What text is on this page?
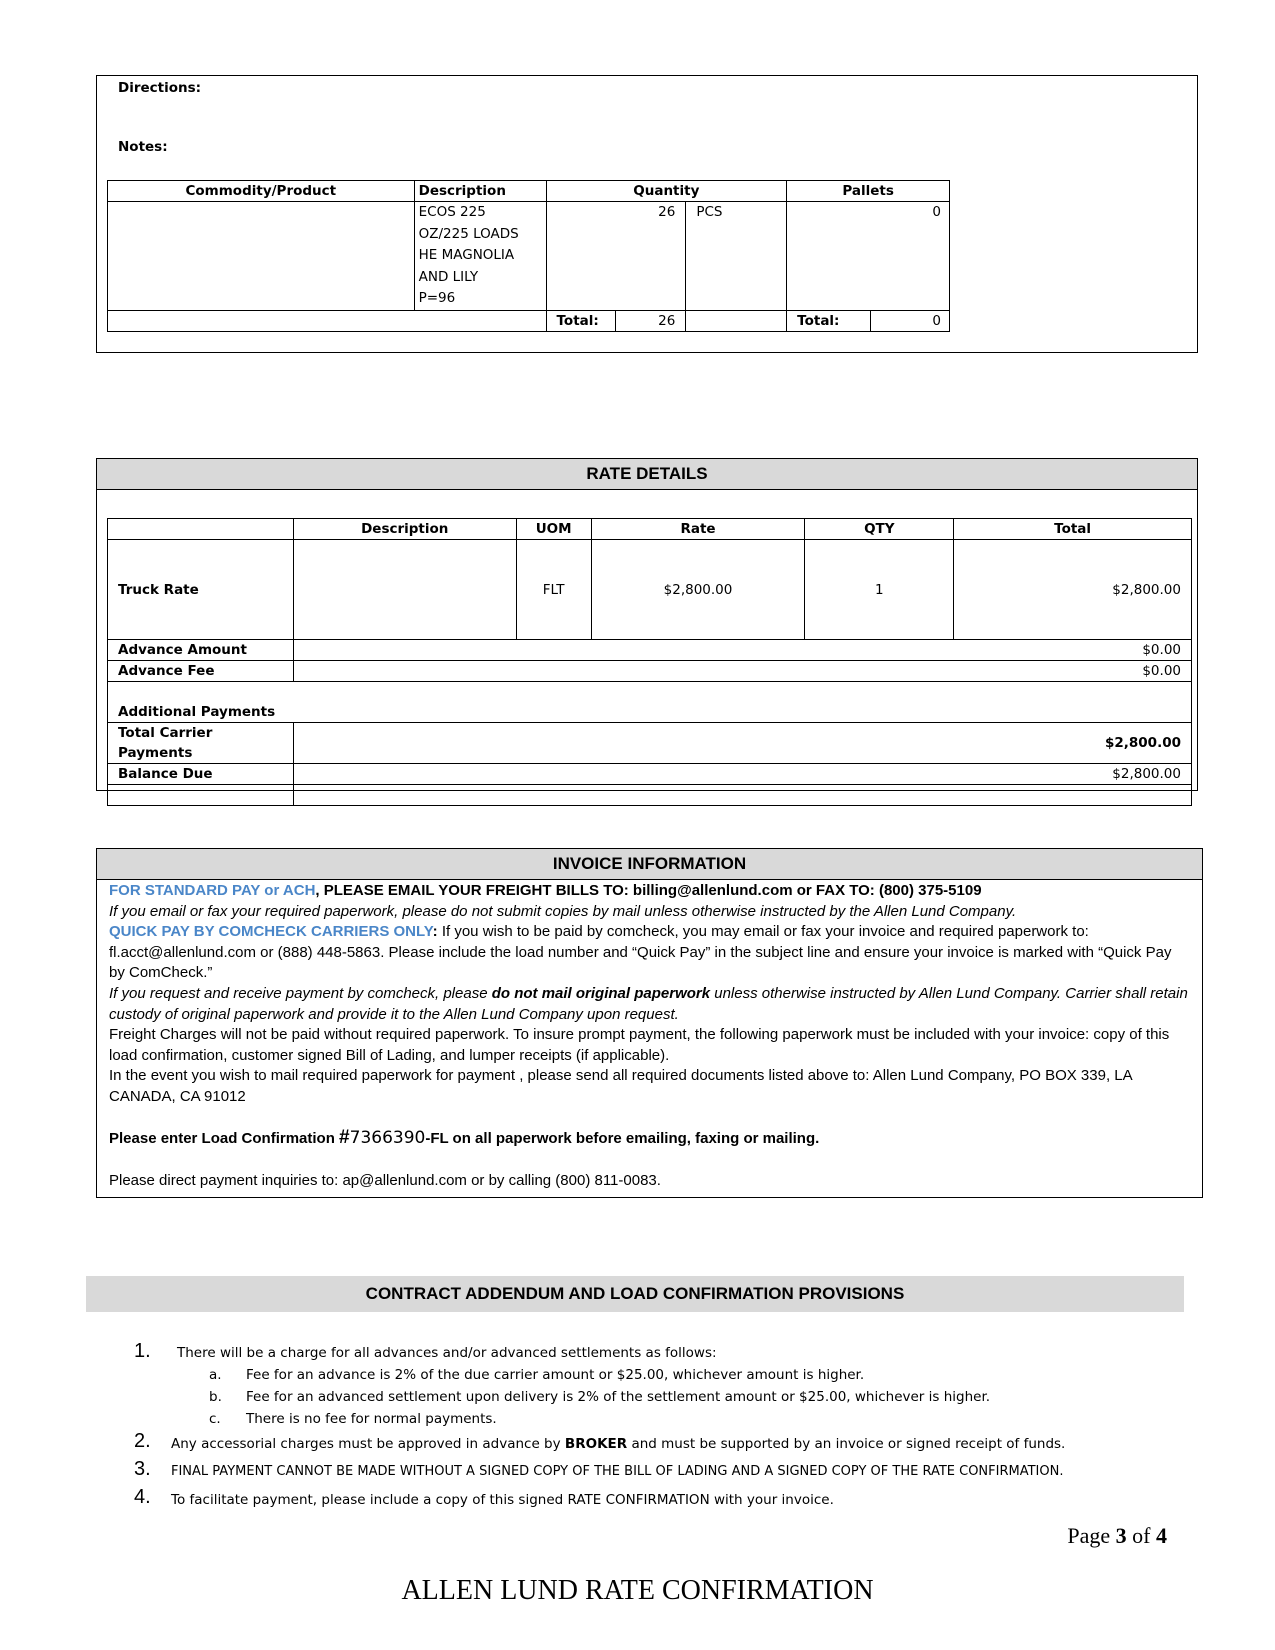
Directions:
Notes:
Commodity/Product	Description	Quantity			Pallets	

	ECOS 225
OZ/225 LOADS
HE MAGNOLIA
AND LILY
P=96	26		PCS	0	
		Total:	26		Total:	0
RATE DETAILS
	Description	UOM	Rate	QTY	Total
Truck Rate		FLT	$2,800.00	1	$2,800.00
Advance Amount	$0.00				
Advance Fee	$0.00				
Additional Payments					
Total Carrier Payments	$2,800.00				
Balance Due	$2,800.00				

INVOICE INFORMATION
FOR STANDARD PAY or ACH, PLEASE EMAIL YOUR FREIGHT BILLS TO: billing@allenlund.com or FAX TO: (800) 375-5109
If you email or fax your required paperwork, please do not submit copies by mail unless otherwise instructed by the Allen Lund Company.
QUICK PAY BY COMCHECK CARRIERS ONLY: If you wish to be paid by comcheck, you may email or fax your invoice and required paperwork to: fl.acct@allenlund.com or (888) 448-5863. Please include the load number and “Quick Pay” in the subject line and ensure your invoice is marked with “Quick Pay by ComCheck.”
If you request and receive payment by comcheck, please do not mail original paperwork unless otherwise instructed by Allen Lund Company. Carrier shall retain custody of original paperwork and provide it to the Allen Lund Company upon request.
Freight Charges will not be paid without required paperwork. To insure prompt payment, the following paperwork must be included with your invoice: copy of this load confirmation, customer signed Bill of Lading, and lumper receipts (if applicable).
In the event you wish to mail required paperwork for payment , please send all required documents listed above to: Allen Lund Company, PO BOX 339, LA CANADA, CA 91012
Please enter Load Confirmation #7366390-FL on all paperwork before emailing, faxing or mailing.
Please direct payment inquiries to: ap@allenlund.com or by calling (800) 811-0083.
CONTRACT ADDENDUM AND LOAD CONFIRMATION PROVISIONS
1. There will be a charge for all advances and/or advanced settlements as follows:
a. Fee for an advance is 2% of the due carrier amount or $25.00, whichever amount is higher.
b. Fee for an advanced settlement upon delivery is 2% of the settlement amount or $25.00, whichever is higher.
c. There is no fee for normal payments.
2. Any accessorial charges must be approved in advance by BROKER and must be supported by an invoice or signed receipt of funds.
3. FINAL PAYMENT CANNOT BE MADE WITHOUT A SIGNED COPY OF THE BILL OF LADING AND A SIGNED COPY OF THE RATE CONFIRMATION.
4. To facilitate payment, please include a copy of this signed RATE CONFIRMATION with your invoice.
Page 3 of 4
ALLEN LUND RATE CONFIRMATION
